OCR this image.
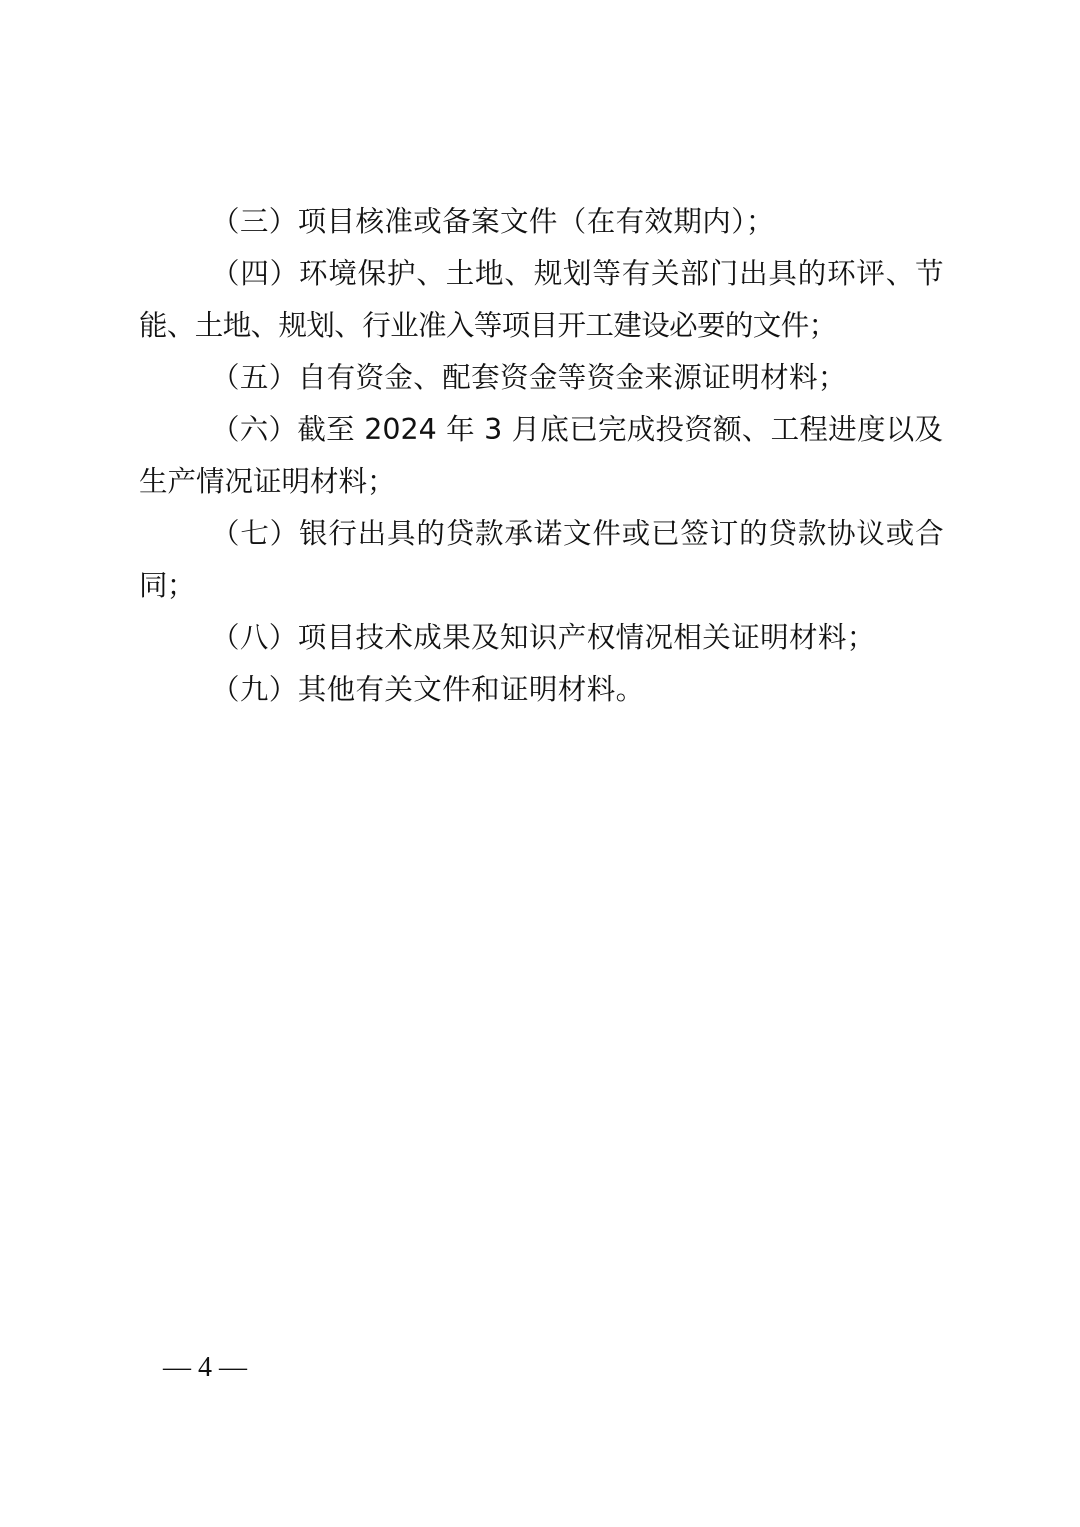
（三）项目核准或备案文件（在有效期内）；

（四）环境保护、土地、规划等有关部门出具的环评、节能、土地、规划、行业准入等项目开工建设必要的文件；

（五）自有资金、配套资金等资金来源证明材料；

（六）截至 2024 年 3 月底已完成投资额、工程进度以及生产情况证明材料；

（七）银行出具的贷款承诺文件或已签订的贷款协议或合同；

（八）项目技术成果及知识产权情况相关证明材料；

（九）其他有关文件和证明材料。

— 4 —
